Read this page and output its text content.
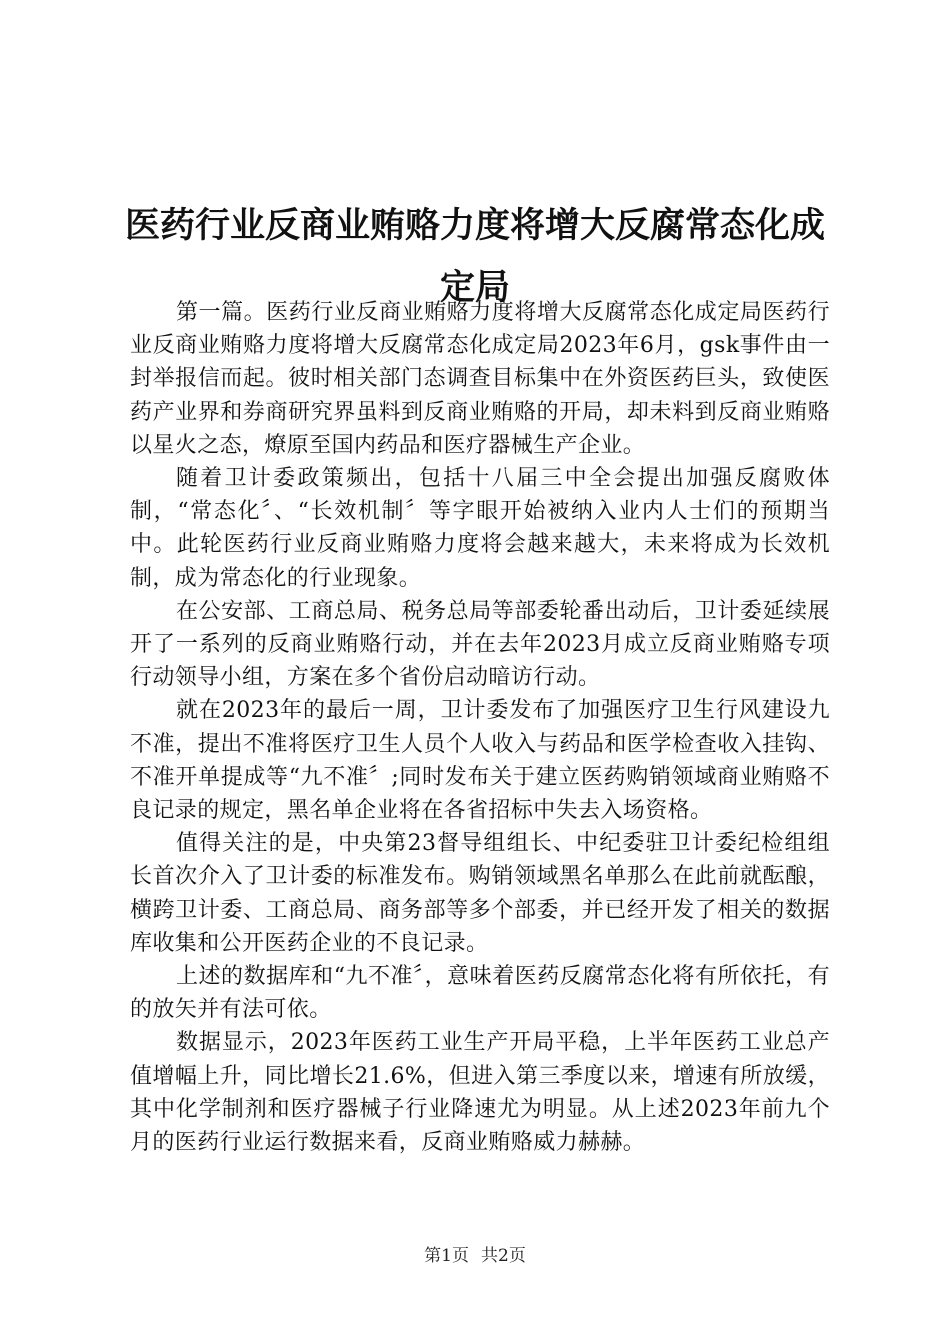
医药行业反商业贿赂力度将增大反腐常态化成定局

第一篇。医药行业反商业贿赂力度将增大反腐常态化成定局医药行业反商业贿赂力度将增大反腐常态化成定局2023年6月，gsk事件由一封举报信而起。彼时相关部门态调查目标集中在外资医药巨头，致使医药产业界和券商研究界虽料到反商业贿赂的开局，却未料到反商业贿赂以星火之态，燎原至国内药品和医疗器械生产企业。

随着卫计委政策频出，包括十八届三中全会提出加强反腐败体制，“常态化〞、“长效机制〞等字眼开始被纳入业内人士们的预期当中。此轮医药行业反商业贿赂力度将会越来越大，未来将成为长效机制，成为常态化的行业现象。

在公安部、工商总局、税务总局等部委轮番出动后，卫计委延续展开了一系列的反商业贿赂行动，并在去年2023月成立反商业贿赂专项行动领导小组，方案在多个省份启动暗访行动。

就在2023年的最后一周，卫计委发布了加强医疗卫生行风建设九不准，提出不准将医疗卫生人员个人收入与药品和医学检查收入挂钩、不准开单提成等“九不准〞;同时发布关于建立医药购销领域商业贿赂不良记录的规定，黑名单企业将在各省招标中失去入场资格。

值得关注的是，中央第23督导组组长、中纪委驻卫计委纪检组组长首次介入了卫计委的标准发布。购销领域黑名单那么在此前就酝酿，横跨卫计委、工商总局、商务部等多个部委，并已经开发了相关的数据库收集和公开医药企业的不良记录。

上述的数据库和“九不准〞，意味着医药反腐常态化将有所依托，有的放矢并有法可依。

数据显示，2023年医药工业生产开局平稳，上半年医药工业总产值增幅上升，同比增长21.6%，但进入第三季度以来，增速有所放缓，其中化学制剂和医疗器械子行业降速尤为明显。从上述2023年前九个月的医药行业运行数据来看，反商业贿赂威力赫赫。

第1页 共2页
